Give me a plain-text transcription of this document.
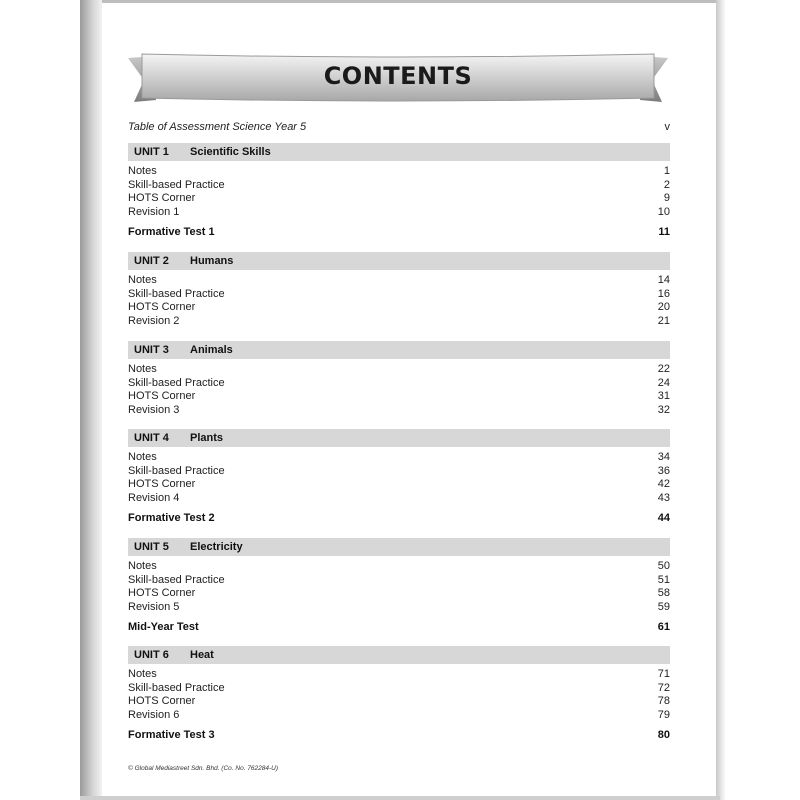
CONTENTS
Table of Assessment Science Year 5	v
UNIT 1 Scientific Skills
Notes	1
Skill-based Practice	2
HOTS Corner	9
Revision 1	10
Formative Test 1	11
UNIT 2 Humans
Notes	14
Skill-based Practice	16
HOTS Corner	20
Revision 2	21
UNIT 3 Animals
Notes	22
Skill-based Practice	24
HOTS Corner	31
Revision 3	32
UNIT 4 Plants
Notes	34
Skill-based Practice	36
HOTS Corner	42
Revision 4	43
Formative Test 2	44
UNIT 5 Electricity
Notes	50
Skill-based Practice	51
HOTS Corner	58
Revision 5	59
Mid-Year Test	61
UNIT 6 Heat
Notes	71
Skill-based Practice	72
HOTS Corner	78
Revision 6	79
Formative Test 3	80
© Global Mediastreet Sdn. Bhd. (Co. No. 762284-U)
